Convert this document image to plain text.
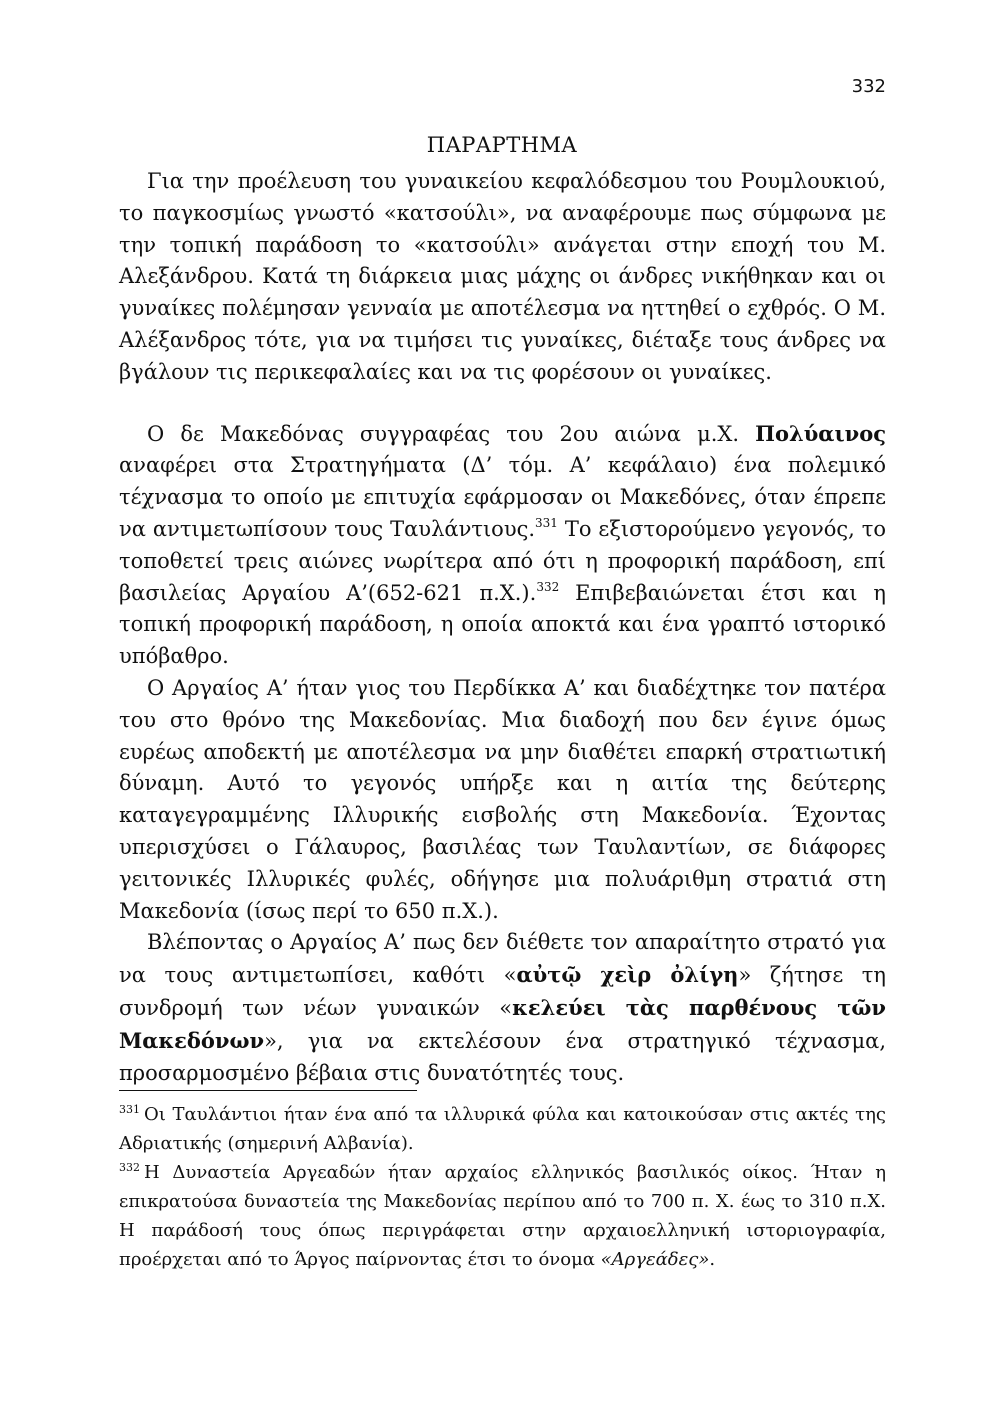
332
ΠΑΡΑΡΤΗΜΑ

Για την προέλευση του γυναικείου κεφαλόδεσμου του Ρουμλουκιού, το παγκοσμίως γνωστό «κατσούλι», να αναφέρουμε πως σύμφωνα με την τοπική παράδοση το «κατσούλι» ανάγεται στην εποχή του Μ. Αλεξάνδρου. Κατά τη διάρκεια μιας μάχης οι άνδρες νικήθηκαν και οι γυναίκες πολέμησαν γενναία με αποτέλεσμα να ηττηθεί ο εχθρός. Ο Μ. Αλέξανδρος τότε, για να τιμήσει τις γυναίκες, διέταξε τους άνδρες να βγάλουν τις περικεφαλαίες και να τις φορέσουν οι γυναίκες.

Ο δε Μακεδόνας συγγραφέας του 2ου αιώνα μ.Χ. Πολύαινος αναφέρει στα Στρατηγήματα (Δ’ τόμ. Α’ κεφάλαιο) ένα πολεμικό τέχνασμα το οποίο με επιτυχία εφάρμοσαν οι Μακεδόνες, όταν έπρεπε να αντιμετωπίσουν τους Ταυλάντιους.$^{331}$ Το εξιστορούμενο γεγονός, το τοποθετεί τρεις αιώνες νωρίτερα από ότι η προφορική παράδοση, επί βασιλείας Αργαίου Α’(652-621 π.Χ.).$^{332}$ Επιβεβαιώνεται έτσι και η τοπική προφορική παράδοση, η οποία αποκτά και ένα γραπτό ιστορικό υπόβαθρο.

Ο Αργαίος Α’ ήταν γιος του Περδίκκα Α’ και διαδέχτηκε τον πατέρα του στο θρόνο της Μακεδονίας. Μια διαδοχή που δεν έγινε όμως ευρέως αποδεκτή με αποτέλεσμα να μην διαθέτει επαρκή στρατιωτική δύναμη. Αυτό το γεγονός υπήρξε και η αιτία της δεύτερης καταγεγραμμένης Ιλλυρικής εισβολής στη Μακεδονία. Έχοντας υπερισχύσει ο Γάλαυρος, βασιλέας των Ταυλαντίων, σε διάφορες γειτονικές Ιλλυρικές φυλές, οδήγησε μια πολυάριθμη στρατιά στη Μακεδονία (ίσως περί το 650 π.Χ.).

Βλέποντας ο Αργαίος Α’ πως δεν διέθετε τον απαραίτητο στρατό για να τους αντιμετωπίσει, καθότι «αὐτῷ χεὶρ ὀλίγη» ζήτησε τη συνδρομή των νέων γυναικών «κελεύει τὰς παρθένους τῶν Μακεδόνων», για να εκτελέσουν ένα στρατηγικό τέχνασμα, προσαρμοσμένο βέβαια στις δυνατότητές τους.

$^{331}$ Οι Ταυλάντιοι ήταν ένα από τα ιλλυρικά φύλα και κατοικούσαν στις ακτές της Αδριατικής (σημερινή Αλβανία).

$^{332}$ Η Δυναστεία Αργεαδών ήταν αρχαίος ελληνικός βασιλικός οίκος. Ήταν η επικρατούσα δυναστεία της Μακεδονίας περίπου από το 700 π. Χ. έως το 310 π.Χ. Η παράδοσή τους όπως περιγράφεται στην αρχαιοελληνική ιστοριογραφία, προέρχεται από το Άργος παίρνοντας έτσι το όνομα «Αργεάδες».
